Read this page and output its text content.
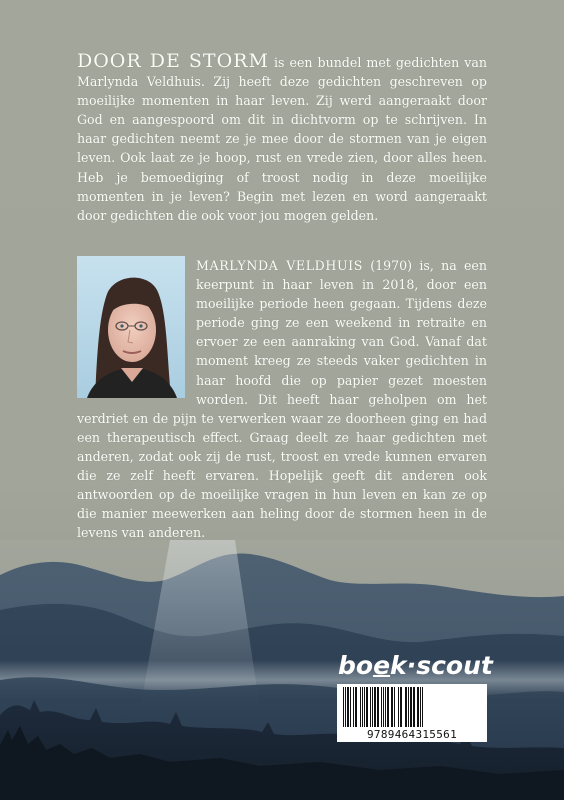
DOOR DE STORM is een bundel met gedichten van Marlynda Veldhuis. Zij heeft deze gedichten geschreven op moeilijke momenten in haar leven. Zij werd aangeraakt door God en aangespoord om dit in dichtvorm op te schrijven. In haar gedichten neemt ze je mee door de stormen van je eigen leven. Ook laat ze je hoop, rust en vrede zien, door alles heen. Heb je bemoediging of troost nodig in deze moeilijke momenten in je leven? Begin met lezen en word aangeraakt door gedichten die ook voor jou mogen gelden.
MARLYNDA VELDHUIS (1970) is, na een keerpunt in haar leven in 2018, door een moeilijke periode heen gegaan. Tijdens deze periode ging ze een weekend in retraite en ervoer ze een aanraking van God. Vanaf dat moment kreeg ze steeds vaker gedichten in haar hoofd die op papier gezet moesten worden. Dit heeft haar geholpen om het verdriet en de pijn te verwerken waar ze doorheen ging en had een therapeutisch effect. Graag deelt ze haar gedichten met anderen, zodat ook zij de rust, troost en vrede kunnen ervaren die ze zelf heeft ervaren. Hopelijk geeft dit anderen ook antwoorden op de moeilijke vragen in hun leven en kan ze op die manier meewerken aan heling door de stormen heen in de levens van anderen.
boek·scout
9789464315561
